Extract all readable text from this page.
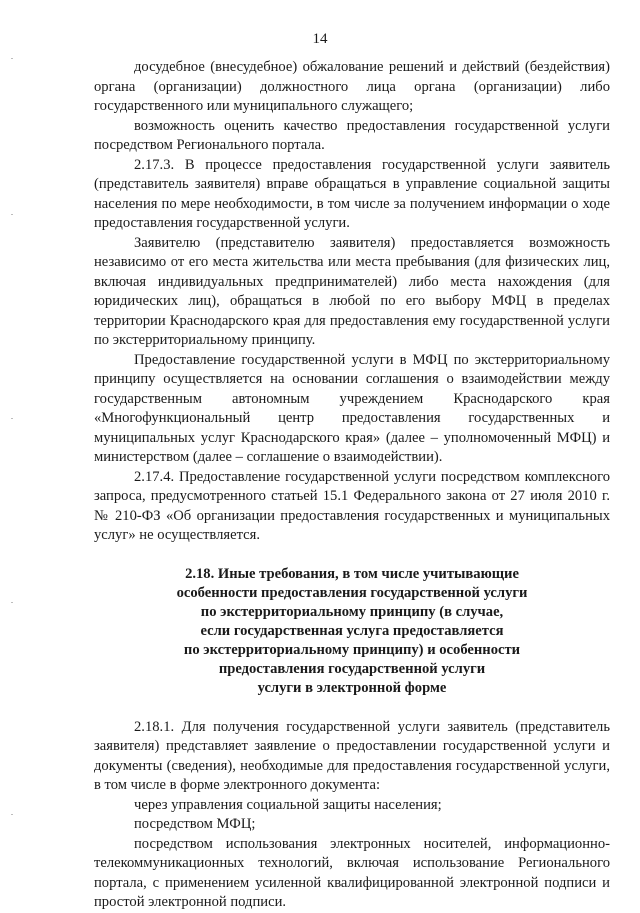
14

досудебное (внесудебное) обжалование решений и действий (бездействия) органа (организации) должностного лица органа (организации) либо государственного или муниципального служащего;

возможность оценить качество предоставления государственной услуги посредством Регионального портала.

2.17.3. В процессе предоставления государственной услуги заявитель (представитель заявителя) вправе обращаться в управление социальной защиты населения по мере необходимости, в том числе за получением информации о ходе предоставления государственной услуги.

Заявителю (представителю заявителя) предоставляется возможность независимо от его места жительства или места пребывания (для физических лиц, включая индивидуальных предпринимателей) либо места нахождения (для юридических лиц), обращаться в любой по его выбору МФЦ в пределах территории Краснодарского края для предоставления ему государственной услуги по экстерриториальному принципу.

Предоставление государственной услуги в МФЦ по экстерриториальному принципу осуществляется на основании соглашения о взаимодействии между государственным автономным учреждением Краснодарского края «Многофункциональный центр предоставления государственных и муниципальных услуг Краснодарского края» (далее – уполномоченный МФЦ) и министерством (далее – соглашение о взаимодействии).

2.17.4. Предоставление государственной услуги посредством комплексного запроса, предусмотренного статьей 15.1 Федерального закона от 27 июля 2010 г. № 210-ФЗ «Об организации предоставления государственных и муниципальных услуг» не осуществляется.

2.18. Иные требования, в том числе учитывающие
особенности предоставления государственной услуги
по экстерриториальному принципу (в случае,
если государственная услуга предоставляется
по экстерриториальному принципу) и особенности
предоставления государственной услуги
услуги в электронной форме

2.18.1. Для получения государственной услуги заявитель (представитель заявителя) представляет заявление о предоставлении государственной услуги и документы (сведения), необходимые для предоставления государственной услуги, в том числе в форме электронного документа:

через управления социальной защиты населения;

посредством МФЦ;

посредством использования электронных носителей, информационно-телекоммуникационных технологий, включая использование Регионального портала, с применением усиленной квалифицированной электронной подписи и простой электронной подписи.
